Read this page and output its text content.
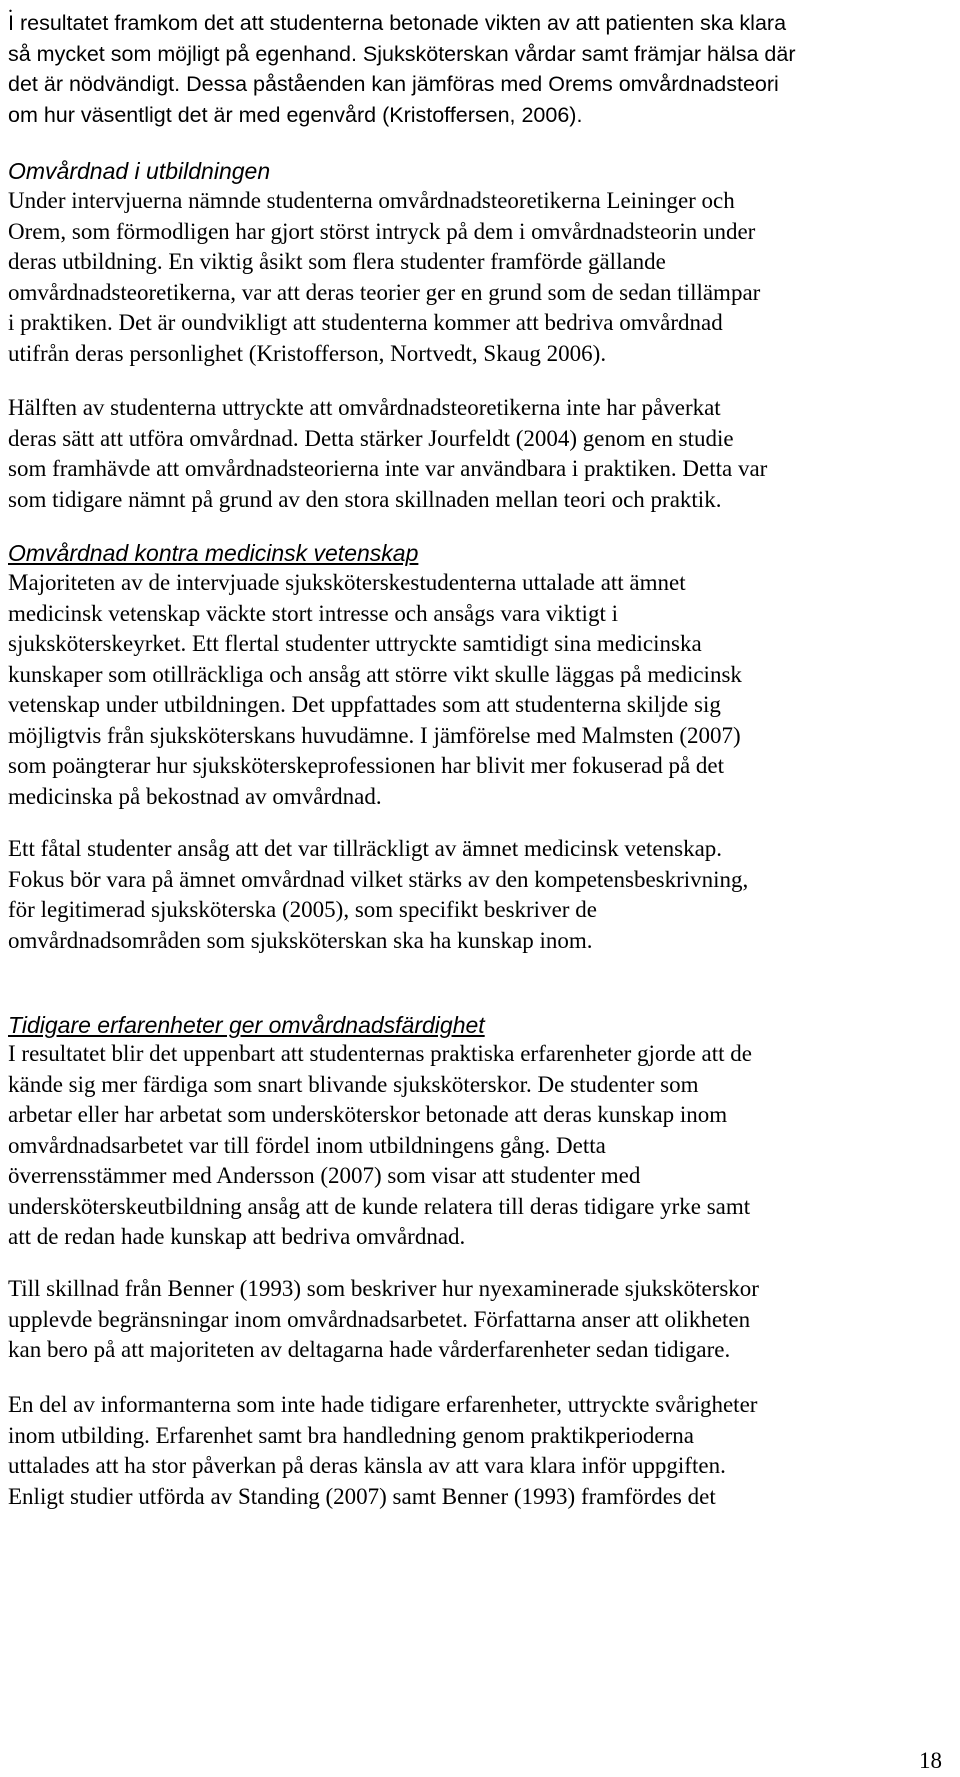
.
I resultatet framkom det att studenterna betonade vikten av att patienten ska klara
så mycket som möjligt på egenhand. Sjuksköterskan vårdar samt främjar hälsa där
det är nödvändigt. Dessa påståenden kan jämföras med Orems omvårdnadsteori
om hur väsentligt det är med egenvård (Kristoffersen, 2006).
Omvårdnad i utbildningen
Under intervjuerna nämnde studenterna omvårdnadsteoretikerna Leininger och
Orem, som förmodligen har gjort störst intryck på dem i omvårdnadsteorin under
deras utbildning. En viktig åsikt som flera studenter framförde gällande
omvårdnadsteoretikerna, var att deras teorier ger en grund som de sedan tillämpar
i praktiken. Det är oundvikligt att studenterna kommer att bedriva omvårdnad
utifrån deras personlighet (Kristofferson, Nortvedt, Skaug 2006).
Hälften av studenterna uttryckte att omvårdnadsteoretikerna inte har påverkat
deras sätt att utföra omvårdnad. Detta stärker Jourfeldt (2004) genom en studie
som framhävde att omvårdnadsteorierna inte var användbara i praktiken. Detta var
som tidigare nämnt på grund av den stora skillnaden mellan teori och praktik.
Omvårdnad kontra medicinsk vetenskap
Majoriteten av de intervjuade sjuksköterskestudenterna uttalade att ämnet
medicinsk vetenskap väckte stort intresse och ansågs vara viktigt i
sjuksköterskeyrket. Ett flertal studenter uttryckte samtidigt sina medicinska
kunskaper som otillräckliga och ansåg att större vikt skulle läggas på medicinsk
vetenskap under utbildningen. Det uppfattades som att studenterna skiljde sig
möjligtvis från sjuksköterskans huvudämne. I jämförelse med Malmsten (2007)
som poängterar hur sjuksköterskeprofessionen har blivit mer fokuserad på det
medicinska på bekostnad av omvårdnad.
Ett fåtal studenter ansåg att det var tillräckligt av ämnet medicinsk vetenskap.
Fokus bör vara på ämnet omvårdnad vilket stärks av den kompetensbeskrivning,
för legitimerad sjuksköterska (2005), som specifikt beskriver de
omvårdnadsområden som sjuksköterskan ska ha kunskap inom.
Tidigare erfarenheter ger omvårdnadsfärdighet
I resultatet blir det uppenbart att studenternas praktiska erfarenheter gjorde att de
kände sig mer färdiga som snart blivande sjuksköterskor. De studenter som
arbetar eller har arbetat som undersköterskor betonade att deras kunskap inom
omvårdnadsarbetet var till fördel inom utbildningens gång. Detta
överrensstämmer med Andersson (2007) som visar att studenter med
undersköterskeutbildning ansåg att de kunde relatera till deras tidigare yrke samt
att de redan hade kunskap att bedriva omvårdnad.
Till skillnad från Benner (1993) som beskriver hur nyexaminerade sjuksköterskor
upplevde begränsningar inom omvårdnadsarbetet. Författarna anser att olikheten
kan bero på att majoriteten av deltagarna hade vårderfarenheter sedan tidigare.
En del av informanterna som inte hade tidigare erfarenheter, uttryckte svårigheter
inom utbilding. Erfarenhet samt bra handledning genom praktikperioderna
uttalades att ha stor påverkan på deras känsla av att vara klara inför uppgiften.
Enligt studier utförda av Standing (2007) samt Benner (1993) framfördes det
18
